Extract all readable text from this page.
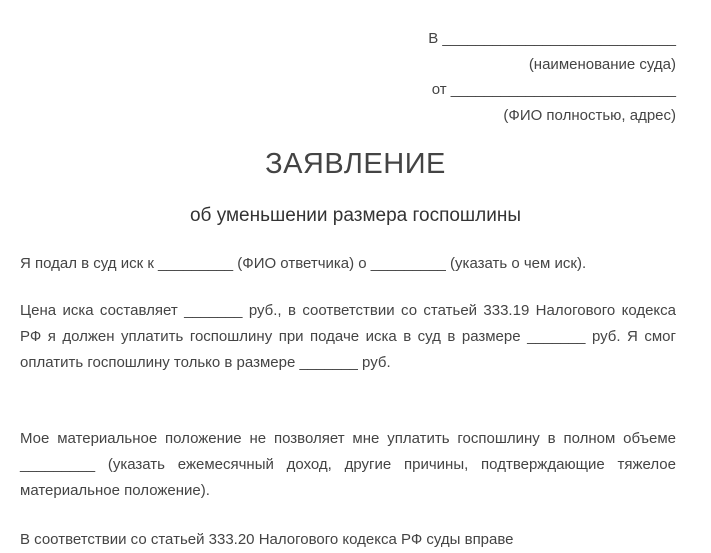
В ____________________________
(наименование суда)
от ___________________________
(ФИО полностью, адрес)
ЗАЯВЛЕНИЕ
об уменьшении размера госпошлины
Я подал в суд иск к _________ (ФИО ответчика) о _________ (указать о чем иск).
Цена иска составляет _______ руб., в соответствии со статьей 333.19 Налогового кодекса РФ я должен уплатить госпошлину при подаче иска в суд в размере _______ руб. Я смог оплатить госпошлину только в размере _______ руб.
Мое материальное положение не позволяет мне уплатить госпошлину в полном объеме _________ (указать ежемесячный доход, другие причины, подтверждающие тяжелое материальное положение).
В соответствии со статьей 333.20 Налогового кодекса РФ суды вправе
